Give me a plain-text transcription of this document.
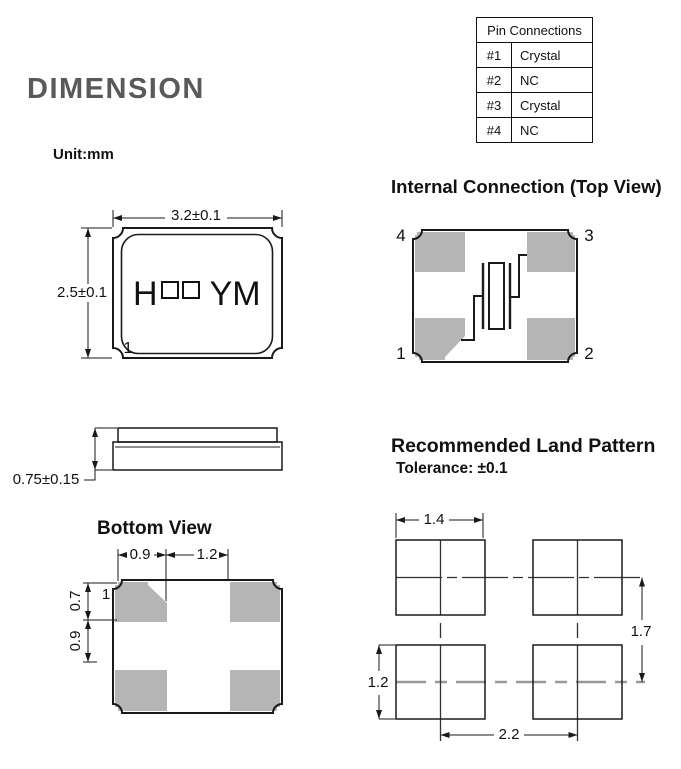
DIMENSION
Unit:mm
Pin Connections	
#1	Crystal
#2	NC
#3	Crystal
#4	NC
Internal Connection (Top View)
Bottom View
Recommended Land Pattern
Tolerance: ±0.1
3.2±0.1
2.5±0.1 H YM
1
4	3
1	2
0.75±0.15
0.9	1.2
0.7
0.9
1
1.4
1.7
1.2
2.2
